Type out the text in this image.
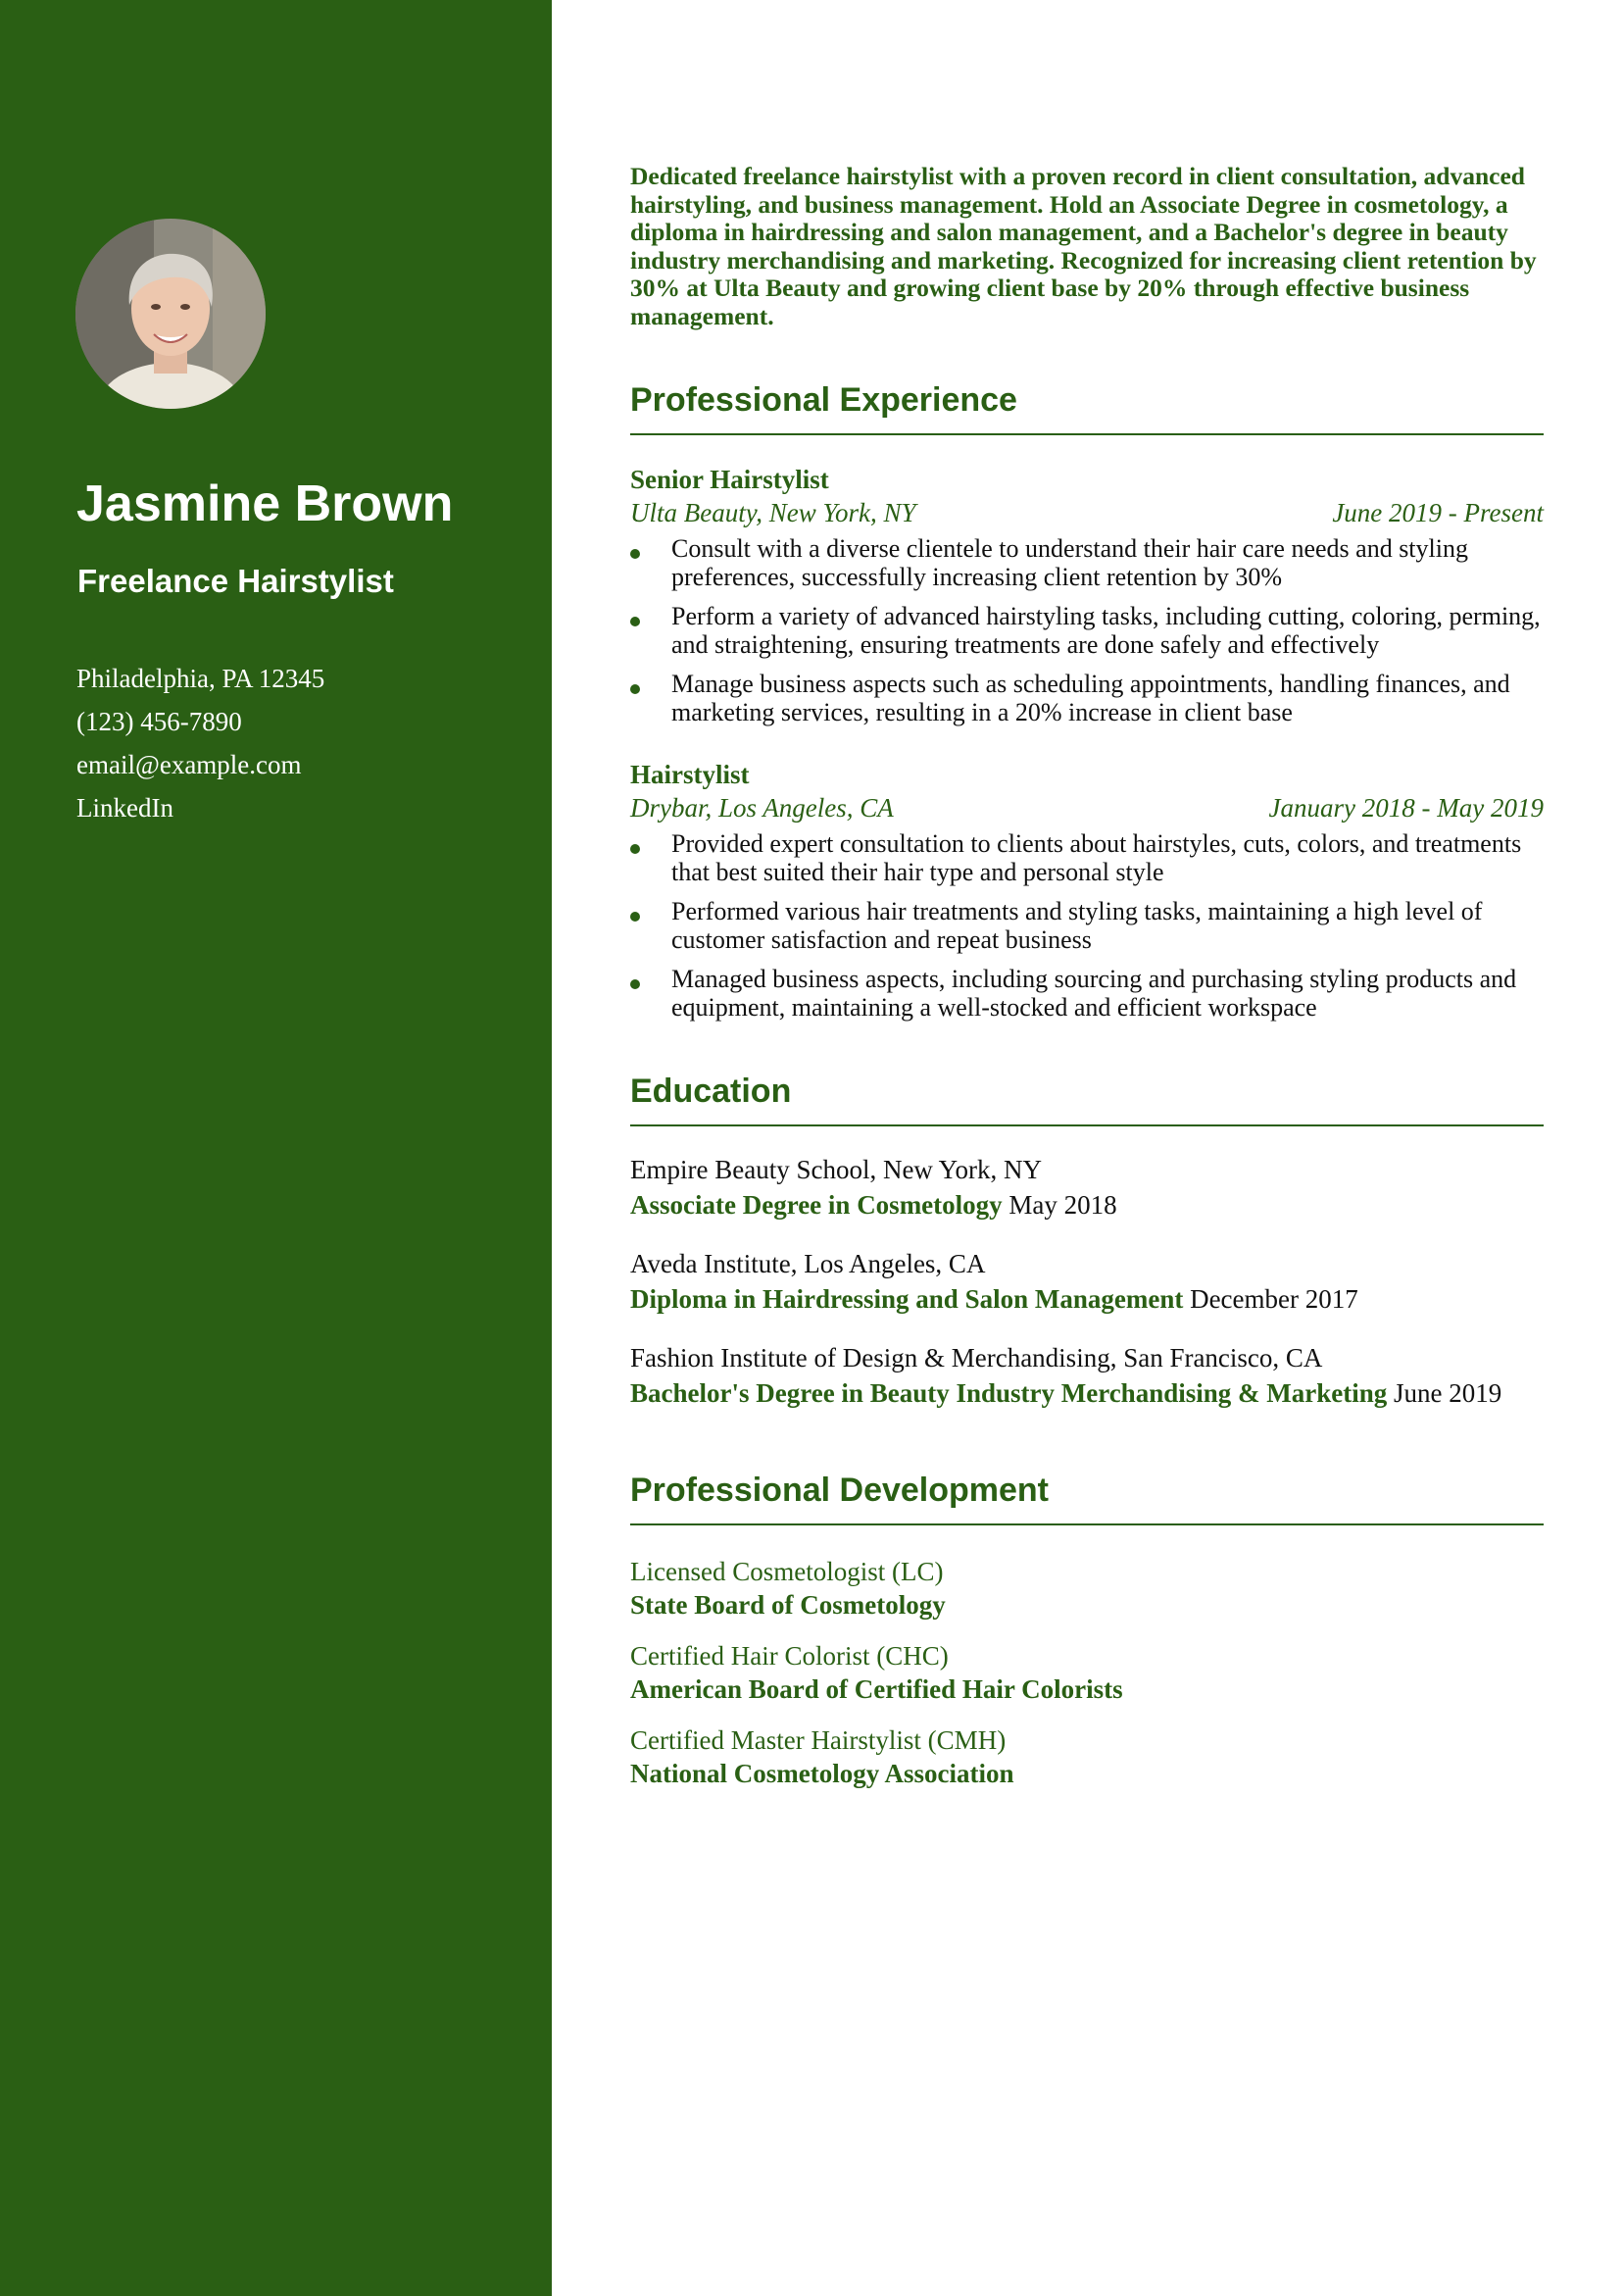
Jasmine Brown
Freelance Hairstylist
Philadelphia, PA 12345
(123) 456-7890
email@example.com
LinkedIn

Dedicated freelance hairstylist with a proven record in client consultation, advanced hairstyling, and business management. Hold an Associate Degree in cosmetology, a diploma in hairdressing and salon management, and a Bachelor's degree in beauty industry merchandising and marketing. Recognized for increasing client retention by 30% at Ulta Beauty and growing client base by 20% through effective business management.

Professional Experience
Senior Hairstylist
Ulta Beauty, New York, NY	June 2019 - Present
Consult with a diverse clientele to understand their hair care needs and styling preferences, successfully increasing client retention by 30%
Perform a variety of advanced hairstyling tasks, including cutting, coloring, perming, and straightening, ensuring treatments are done safely and effectively
Manage business aspects such as scheduling appointments, handling finances, and marketing services, resulting in a 20% increase in client base
Hairstylist
Drybar, Los Angeles, CA	January 2018 - May 2019
Provided expert consultation to clients about hairstyles, cuts, colors, and treatments that best suited their hair type and personal style
Performed various hair treatments and styling tasks, maintaining a high level of customer satisfaction and repeat business
Managed business aspects, including sourcing and purchasing styling products and equipment, maintaining a well-stocked and efficient workspace
Education
Empire Beauty School, New York, NY
Associate Degree in Cosmetology May 2018
Aveda Institute, Los Angeles, CA
Diploma in Hairdressing and Salon Management December 2017
Fashion Institute of Design & Merchandising, San Francisco, CA
Bachelor's Degree in Beauty Industry Merchandising & Marketing June 2019
Professional Development
Licensed Cosmetologist (LC)
State Board of Cosmetology
Certified Hair Colorist (CHC)
American Board of Certified Hair Colorists
Certified Master Hairstylist (CMH)
National Cosmetology Association
